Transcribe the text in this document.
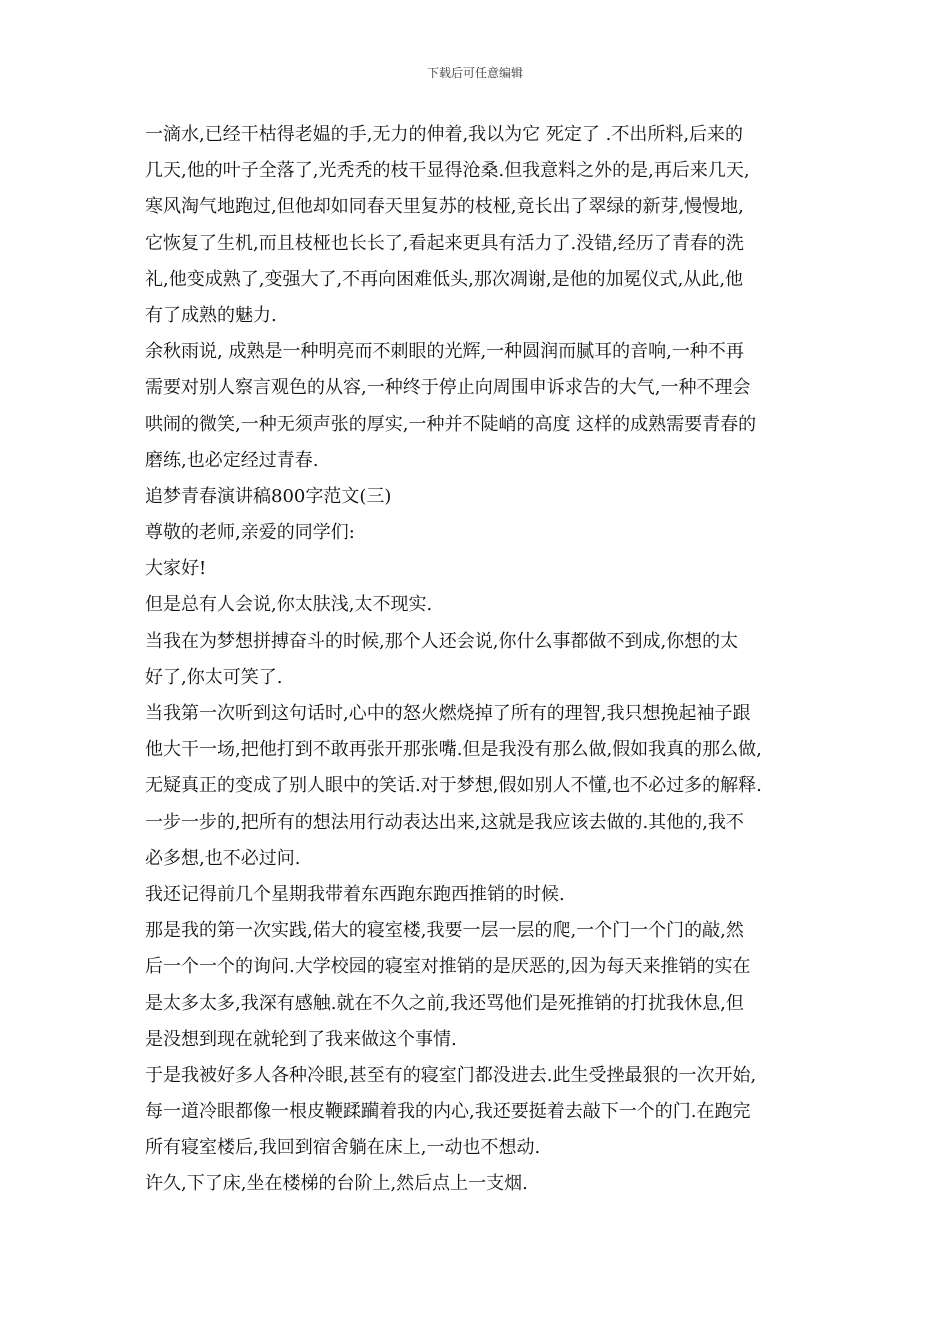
下载后可任意编辑
一滴水,已经干枯得老媪的手,无力的伸着,我以为它 死定了 .不出所料,后来的
几天,他的叶子全落了,光秃秃的枝干显得沧桑.但我意料之外的是,再后来几天,
寒风淘气地跑过,但他却如同春天里复苏的枝桠,竟长出了翠绿的新芽,慢慢地,
它恢复了生机,而且枝桠也长长了,看起来更具有活力了.没错,经历了青春的洗
礼,他变成熟了,变强大了,不再向困难低头,那次凋谢,是他的加冕仪式,从此,他
有了成熟的魅力.
余秋雨说, 成熟是一种明亮而不刺眼的光辉,一种圆润而腻耳的音响,一种不再
需要对别人察言观色的从容,一种终于停止向周围申诉求告的大气,一种不理会
哄闹的微笑,一种无须声张的厚实,一种并不陡峭的高度 这样的成熟需要青春的
磨练,也必定经过青春.
追梦青春演讲稿800字范文(三)
尊敬的老师,亲爱的同学们:
大家好!
但是总有人会说,你太肤浅,太不现实.
当我在为梦想拼搏奋斗的时候,那个人还会说,你什么事都做不到成,你想的太
好了,你太可笑了.
当我第一次听到这句话时,心中的怒火燃烧掉了所有的理智,我只想挽起袖子跟
他大干一场,把他打到不敢再张开那张嘴.但是我没有那么做,假如我真的那么做,
无疑真正的变成了别人眼中的笑话.对于梦想,假如别人不懂,也不必过多的解释.
一步一步的,把所有的想法用行动表达出来,这就是我应该去做的.其他的,我不
必多想,也不必过问.
我还记得前几个星期我带着东西跑东跑西推销的时候.
那是我的第一次实践,偌大的寝室楼,我要一层一层的爬,一个门一个门的敲,然
后一个一个的询问.大学校园的寝室对推销的是厌恶的,因为每天来推销的实在
是太多太多,我深有感触.就在不久之前,我还骂他们是死推销的打扰我休息,但
是没想到现在就轮到了我来做这个事情.
于是我被好多人各种冷眼,甚至有的寝室门都没进去.此生受挫最狠的一次开始,
每一道冷眼都像一根皮鞭蹂躏着我的内心,我还要挺着去敲下一个的门.在跑完
所有寝室楼后,我回到宿舍躺在床上,一动也不想动.
许久,下了床,坐在楼梯的台阶上,然后点上一支烟.
